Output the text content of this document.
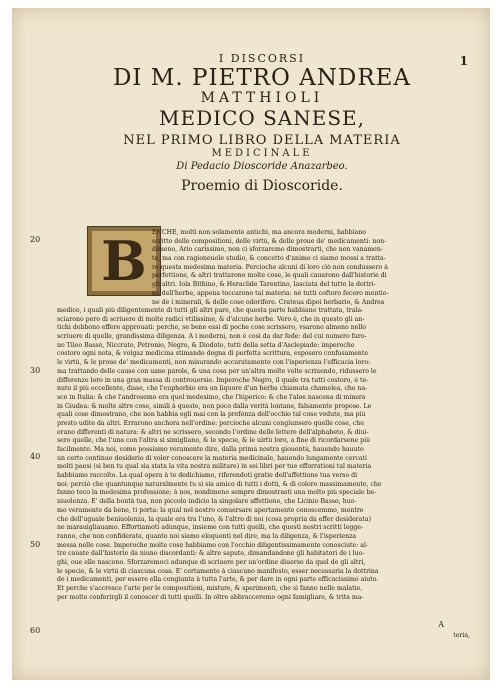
1
I DISCORSI
DI M. PIETRO ANDREA
MATTHIOLI
MEDICO SANESE,
NEL PRIMO LIBRO DELLA MATERIA
MEDICINALE
Di Pedacio Dioscoride Anazarbeo.
Proemio di Dioscoride.
B
20
30
40
50
60
ENCHE, molti non solamente antichi, ma ancora moderni, habbiano
scritto delle compositioni, delle virtù, & delle proue de' medicamenti: non-
dimeno, Ario carissimo, non ci sforzaremo dimostrarti, che non vanamen-
te, ma con ragioneuole studio, & concetto d'animo ci siamo mossi a tratta-
re questa medesima materia. Percioche alcuni di loro ciò non condussero à
perfettione, & altri trattarono molte cose, le quali cauarono dall'historie di
gli altri. Iola Bithino, & Heraclide Tarentino, lasciata del tutto la dottri-
na dell'herbe, appena toccarono tal materia: nè tutti coftoro fecero mentio-
ne de i minerali, & delle cose odorifere. Crateua dipoi herbario, & Andrea
medico, i quali più diligentemente di tutti gli altri pare, che questa parte habbiano trattata, trala-
sciarono pero di scriuere di molte radici vtilissime, & d'alcune herbe. Vero è, che in questo gli an-
tichi debbono effere approuati: perche, se bene essi di poche cose scrissero, vsarono almeno nello
scriuere di quelle, grandissima diligenza. A i moderni, non è cosi da dar fede: del cui numero furo-
no Tileo Bassò, Niccrato, Petronio, Negro, & Diodoto, tutti della setta d'Asclepiade: imperoche
costoro ogni nota, & volgaz medicina stimando degna di perfetta scrittura, esposero confusamente
le virtù, & le proue de' medicamenti, non misurando accuratamente con l'isperienza l'efficacia loro:
ma trattando delle cause con uane parole, & una cosa per un'altra molte volte scriuendo, ridussero le
differenze loro in una gran massa di controuersie. Imperoche Negro, il quale tra tutti costoro, è te-
nuto il più eccellente, disse, che l'euphorbio era un liquore d'un herba chiamata chamelea, che na-
sce in Italia: & che l'androsemo era quel medesimo, che l'hiperico: & che l'aloe nascena di minera
in Giudea: & molte altre cose, simili à queste, non poco dalla verità lontane, falsamente propose. Le
quali cose dimostrano, che non habbia egli mai con la prefenza dell'occhio tal cose vedute, ma più
presto udite da altri. Errarono anchora nell'ordine: percioche alcuni congiunsero quelle cose, che
erano differenti di natura: & altri ne scrissero, secondo l'ordine delle lettere dell'alphabeto, & diui-
sero quelle, che l'una con l'altra si simigliano, & le specie, & le uirtù loro, a fine di ricordarsene più
facilmente. Ma noi, come possiamo veramente dire, dalla prima nostra giouentù, hauendo hauuto
un certo continuo desiderio di voler conoscere la materia medicinale, hauendo lungamente cercati
molti paesi (sì ben tu qual sia stata la vita nostra militare) in sei libri per tue efforrationi tal materia
habbiamo raccolto. La qual opera à te dedichiamo, riferendoti gratie dell'affettione tua verso di
noi: perciò che quantunque naturalmente tu si sia amico di tutti i dotti, & di coloro massimamente, che
fanno teco la medesima professione; à nos, nondimeno sempre dimostrasti una molto più speciale be-
niuolenza. E' della bontà tua, non piccolo indicio la singolare affettione, che Licinio Basso, huo-
mo veramente da bene, ti porta: la qual nel nostro conuersare apertamente conoscemmo, mentre
che dell'uguale beniuolenza, la quale era tra l'uno, & l'altro di noi (cosa propria da effer desiderata)
ne marauigliauamo. Effortiamoti adunque, insieme con tutti quelli, che questi nostri scritti legge-
ranno, che non confiderate, quanto noi siamo eloquenti nel dire, ma la diligenza, & l'isperienza
messa nelle cose. Imperoche molte cose habbiamo con l'occhio diligentissimamente conosciute: al-
tre cauate dall'historie da niuno discordanti: & altre sapute, dimandandone gli habitatori de i luo-
ghi, oue elle nascono. Sforzaremoci adunque di scriuere per un'ordine diuerso da quel de gli altri,
le specie, & le virtù di ciascuna cosa. E' certamente à ciascuno manifesto, esser necessaria la dottrina
de i medicamenti, per essere ella congiunta à tutta l'arte, & per dare in ogni parte efficacissimo aiuto.
Et perche s'accresce l'arte per le compositioni, misture, & sperimenti, che si fanno nelle malatie,
per molto conferirgli il conoscer di tutti quelli. In oltre abbracceremo ogni famigliare, & trita ma-
A
teria,
